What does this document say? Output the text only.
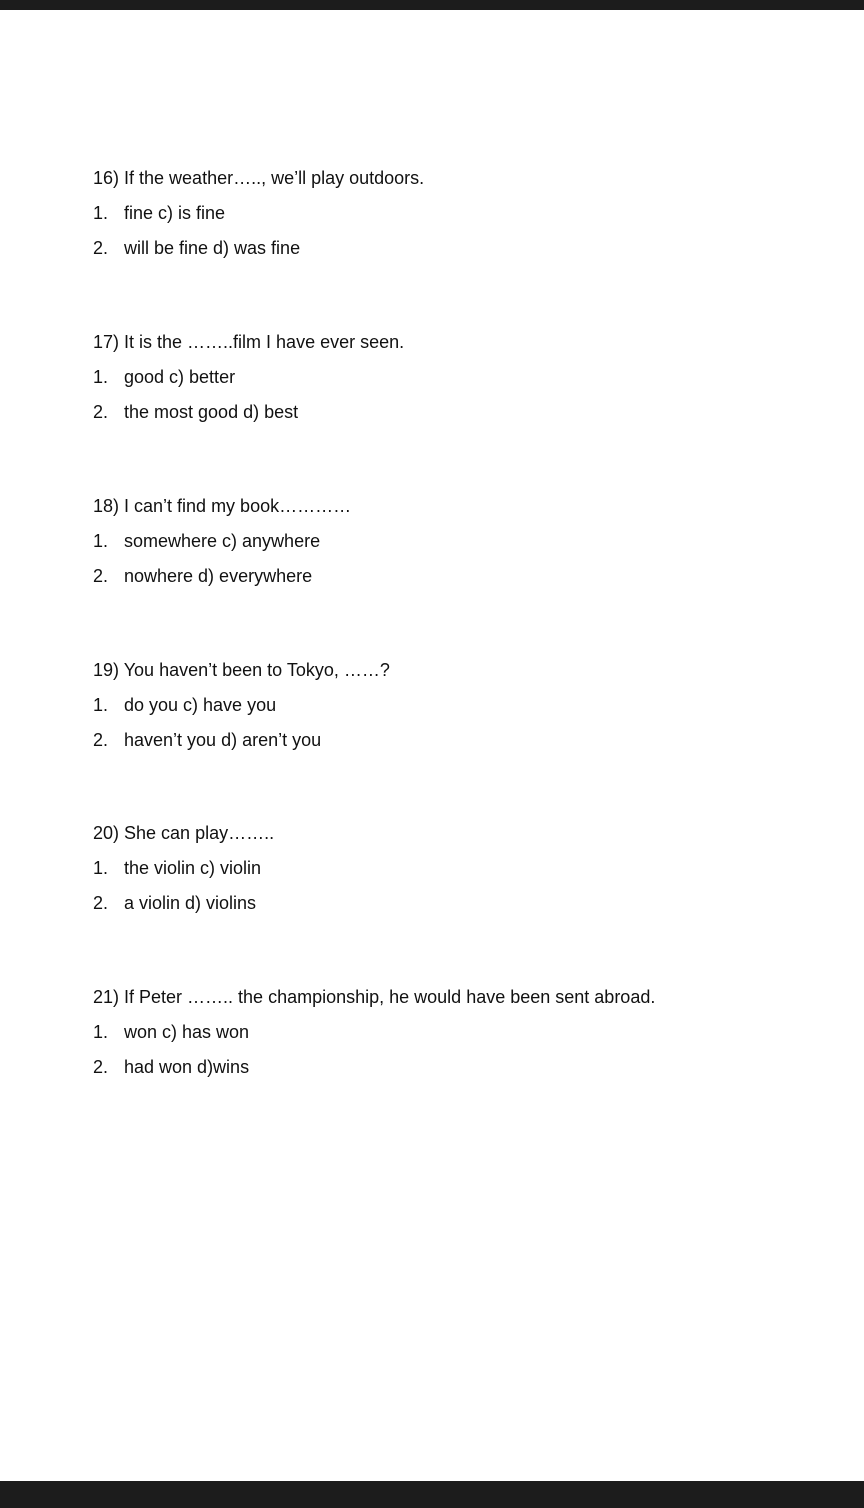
16) If the weather….., we’ll play outdoors.
1. fine c) is fine
2. will be fine d) was fine
17) It is the ……..film I have ever seen.
1. good c) better
2. the most good d) best
18) I can’t find my book…………
1. somewhere c) anywhere
2. nowhere d) everywhere
19) You haven’t been to Tokyo, ……?
1. do you c) have you
2. haven’t you d) aren’t you
20) She can play……..
1. the violin c) violin
2. a violin d) violins
21) If Peter …….. the championship, he would have been sent abroad.
1. won c) has won
2. had won d)wins
